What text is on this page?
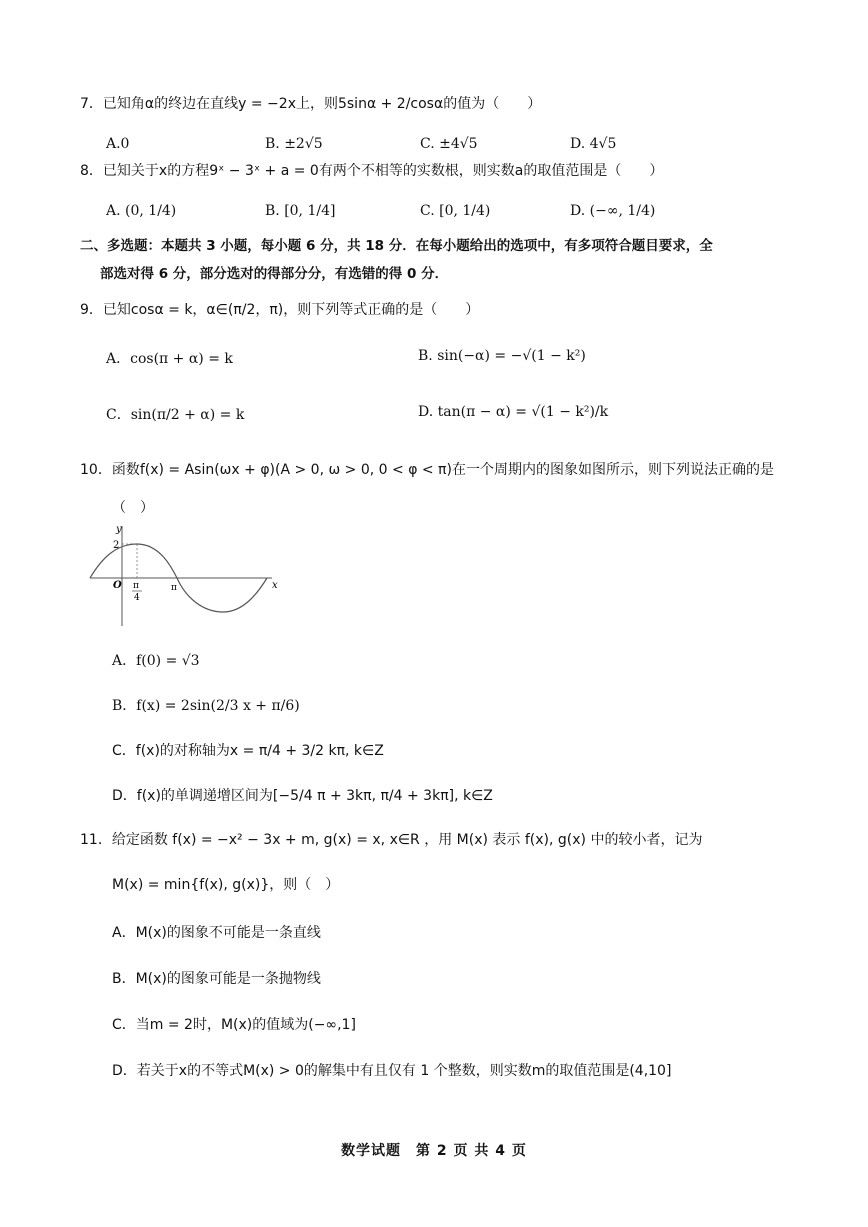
7．已知角α的终边在直线y = −2x上，则5sinα + 2/cosα的值为（　　）
A.0	B. ±2√5	C. ±4√5	D. 4√5
8．已知关于x的方程9ˣ − 3ˣ + a = 0有两个不相等的实数根，则实数a的取值范围是（　　）
A. (0, 1/4)	B. [0, 1/4]	C. [0, 1/4)	D. (−∞, 1/4)
二、多选题：本题共 3 小题，每小题 6 分，共 18 分．在每小题给出的选项中，有多项符合题目要求，全
部选对得 6 分，部分选对的得部分分，有选错的得 0 分．
9．已知cosα = k，α∈(π/2，π)，则下列等式正确的是（　　）
A．cos(π + α) = k	B. sin(−α) = −√(1 − k²)
C．sin(π/2 + α) = k	D. tan(π − α) = √(1 − k²)/k
10．函数f(x) = Asin(ωx + φ)(A > 0, ω > 0, 0 < φ < π)在一个周期内的图象如图所示，则下列说法正确的是
（　）
y
x
O
2
π
4
π
A．f(0) = √3
B．f(x) = 2sin(2/3 x + π/6)
C．f(x)的对称轴为x = π/4 + 3/2 kπ, k∈Z
D．f(x)的单调递增区间为[−5/4 π + 3kπ, π/4 + 3kπ], k∈Z
11．给定函数 f(x) = −x² − 3x + m, g(x) = x, x∈R ，用 M(x) 表示 f(x), g(x) 中的较小者，记为
M(x) = min{f(x), g(x)}，则（　）
A．M(x)的图象不可能是一条直线
B．M(x)的图象可能是一条抛物线
C．当m = 2时，M(x)的值域为(−∞,1]
D．若关于x的不等式M(x) > 0的解集中有且仅有 1 个整数，则实数m的取值范围是(4,10]
数学试题　第 2 页 共 4 页
